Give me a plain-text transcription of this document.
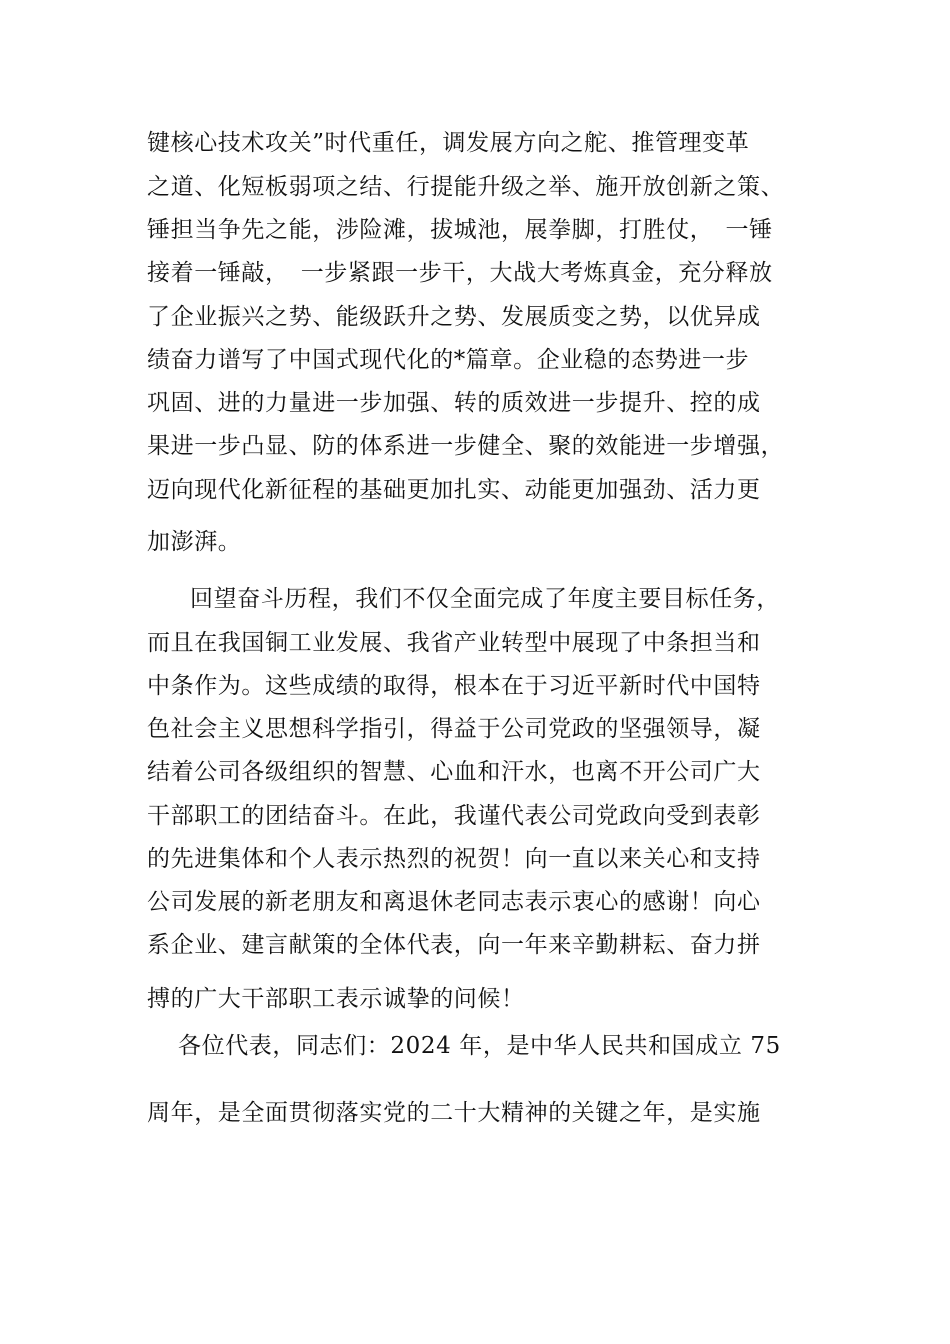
键核心技术攻关”时代重任，调发展方向之舵、推管理变革
之道、化短板弱项之结、行提能升级之举、施开放创新之策、
锤担当争先之能，涉险滩，拔城池，展拳脚，打胜仗，　一锤
接着一锤敲，　一步紧跟一步干，大战大考炼真金，充分释放
了企业振兴之势、能级跃升之势、发展质变之势，以优异成
绩奋力谱写了中国式现代化的*篇章。企业稳的态势进一步
巩固、进的力量进一步加强、转的质效进一步提升、控的成
果进一步凸显、防的体系进一步健全、聚的效能进一步增强，
迈向现代化新征程的基础更加扎实、动能更加强劲、活力更
加澎湃。
回望奋斗历程，我们不仅全面完成了年度主要目标任务，
而且在我国铜工业发展、我省产业转型中展现了中条担当和
中条作为。这些成绩的取得，根本在于习近平新时代中国特
色社会主义思想科学指引，得益于公司党政的坚强领导，凝
结着公司各级组织的智慧、心血和汗水，也离不开公司广大
干部职工的团结奋斗。在此，我谨代表公司党政向受到表彰
的先进集体和个人表示热烈的祝贺！向一直以来关心和支持
公司发展的新老朋友和离退休老同志表示衷心的感谢！向心
系企业、建言献策的全体代表，向一年来辛勤耕耘、奋力拼
搏的广大干部职工表示诚挚的问候！
各位代表，同志们：2024 年，是中华人民共和国成立 75
周年，是全面贯彻落实党的二十大精神的关键之年，是实施
